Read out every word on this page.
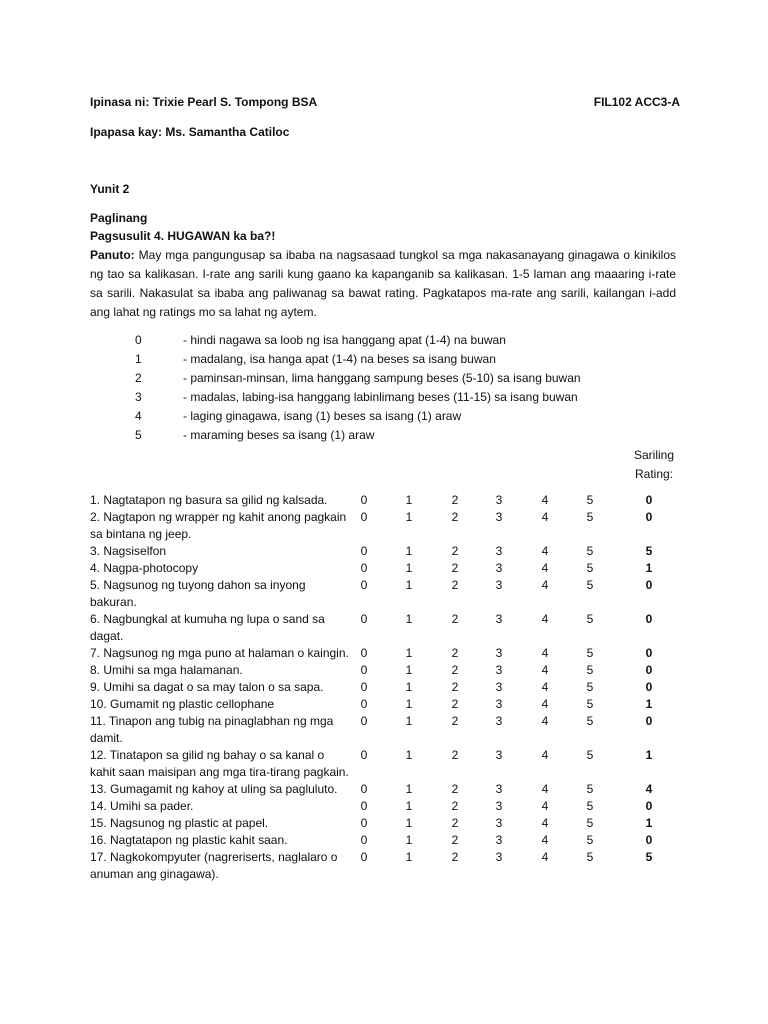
Ipinasa ni: Trixie Pearl S. Tompong BSA	FIL102 ACC3-A
Ipapasa kay: Ms. Samantha Catiloc
Yunit 2
Paglinang
Pagsusulit 4. HUGAWAN ka ba?!

Panuto: May mga pangungusap sa ibaba na nagsasaad tungkol sa mga nakasanayang ginagawa o kinikilos ng tao sa kalikasan. I-rate ang sarili kung gaano ka kapanganib sa kalikasan. 1-5 laman ang maaaring i-rate sa sarili. Nakasulat sa ibaba ang paliwanag sa bawat rating. Pagkatapos ma-rate ang sarili, kailangan i-add ang lahat ng ratings mo sa lahat ng aytem.

0	- hindi nagawa sa loob ng isa hanggang apat (1-4) na buwan
1	- madalang, isa hanga apat (1-4) na beses sa isang buwan
2	- paminsan-minsan, lima hanggang sampung beses (5-10) sa isang buwan
3	- madalas, labing-isa hanggang labinlimang beses (11-15) sa isang buwan
4	- laging ginagawa, isang (1) beses sa isang (1) araw
5	- maraming beses sa isang (1) araw
Sariling
Rating:
1. Nagtatapon ng basura sa gilid ng kalsada.	0	1	2	3	4	5	0
2. Nagtapon ng wrapper ng kahit anong pagkain sa bintana ng jeep.
0	1	2	3	4	5	0
3. Nagsiselfon	0	1	2	3	4	5	5
4. Nagpa-photocopy	0	1	2	3	4	5	1
5. Nagsunog ng tuyong dahon sa inyong bakuran.
0	1	2	3	4	5	0
6. Nagbungkal at kumuha ng lupa o sand sa dagat.
0	1	2	3	4	5	0
7. Nagsunog ng mga puno at halaman o kaingin. 0	1	2	3	4	5	0
8. Umihi sa mga halamanan.	0	1	2	3	4	5	0
9. Umihi sa dagat o sa may talon o sa sapa.	0	1	2	3	4	5	0
10. Gumamit ng plastic cellophane	0	1	2	3	4	5	1
11. Tinapon ang tubig na pinaglabhan ng mga damit.
0	1	2	3	4	5	0
12. Tinatapon sa gilid ng bahay o sa kanal o kahit saan maisipan ang mga tira-tirang pagkain.
0	1	2	3	4	5	1
13. Gumagamit ng kahoy at uling sa pagluluto.	0	1	2	3	4	5	4
14. Umihi sa pader.	0	1	2	3	4	5	0
15. Nagsunog ng plastic at papel.	0	1	2	3	4	5	1
16. Nagtatapon ng plastic kahit saan.	0	1	2	3	4	5	0
17. Nagkokompyuter (nagreriserts, naglalaro o anuman ang ginagawa).
0	1	2	3	4	5	5
